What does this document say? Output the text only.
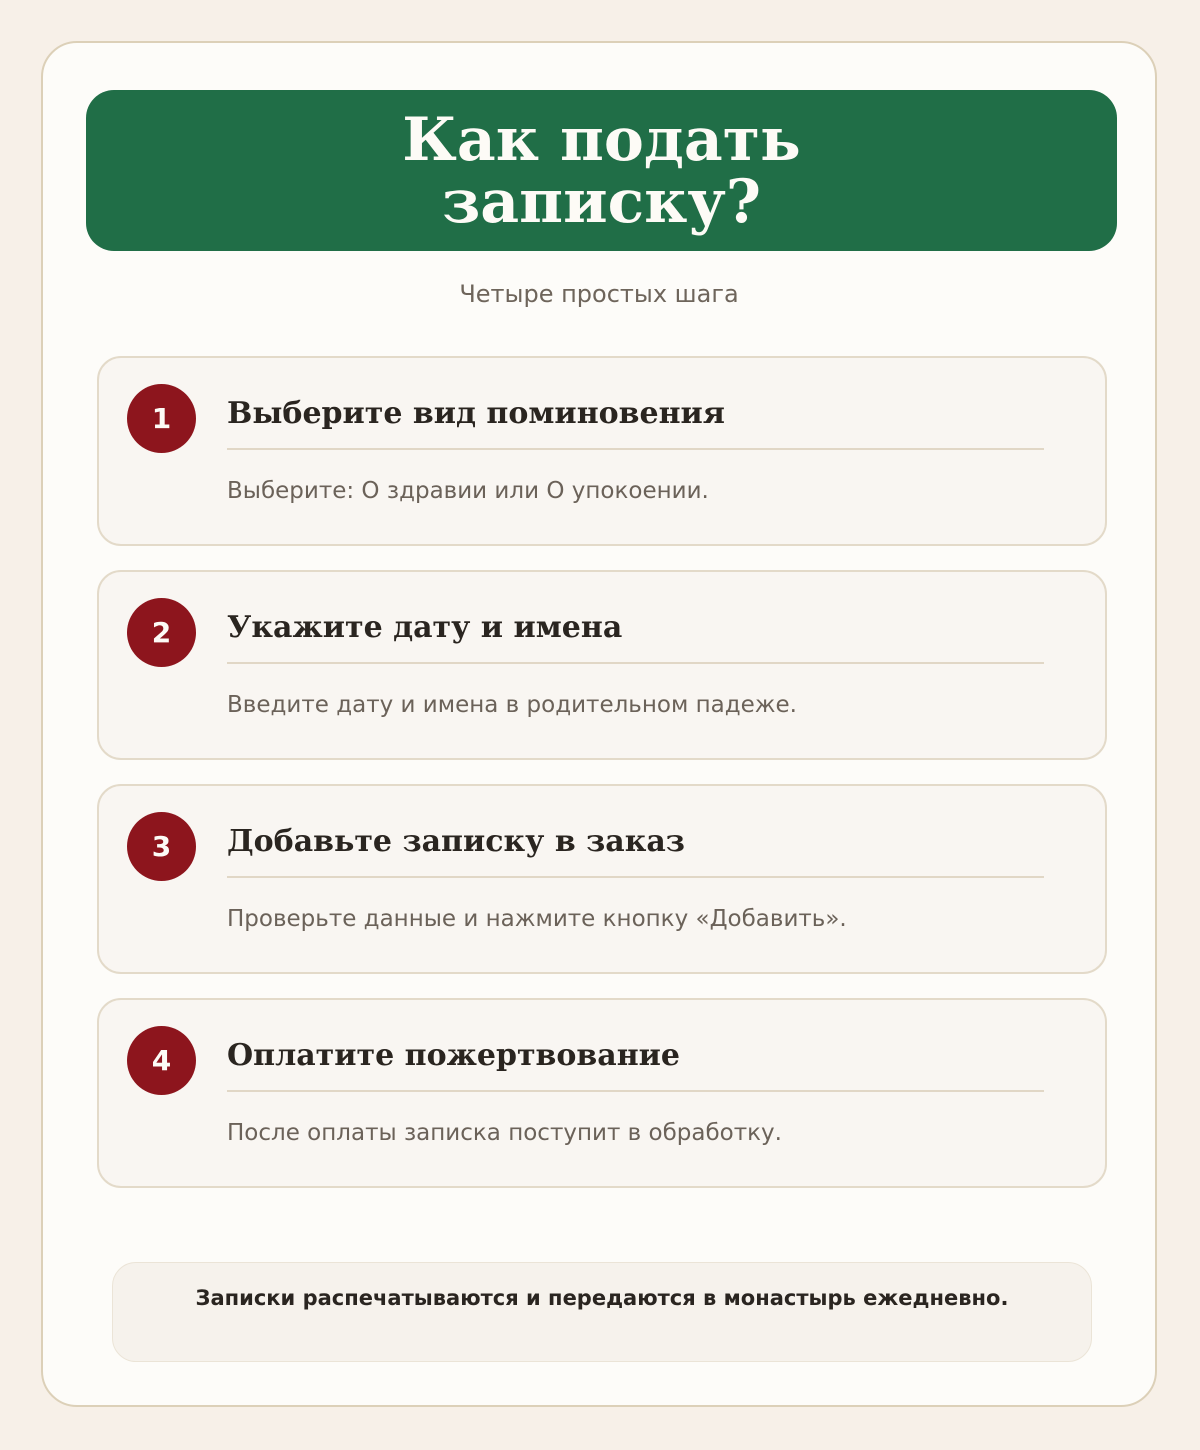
Как подать записку?
Четыре простых шага
1	Выберите вид поминовения

Выберите: О здравии или О упокоении.

2	Укажите дату и имена

Введите дату и имена в родительном падеже.

3	Добавьте записку в заказ

Проверьте данные и нажмите кнопку «Добавить».

4	Оплатите пожертвование

После оплаты записка поступит в обработку.

Записки распечатываются и передаются в монастырь ежедневно.
